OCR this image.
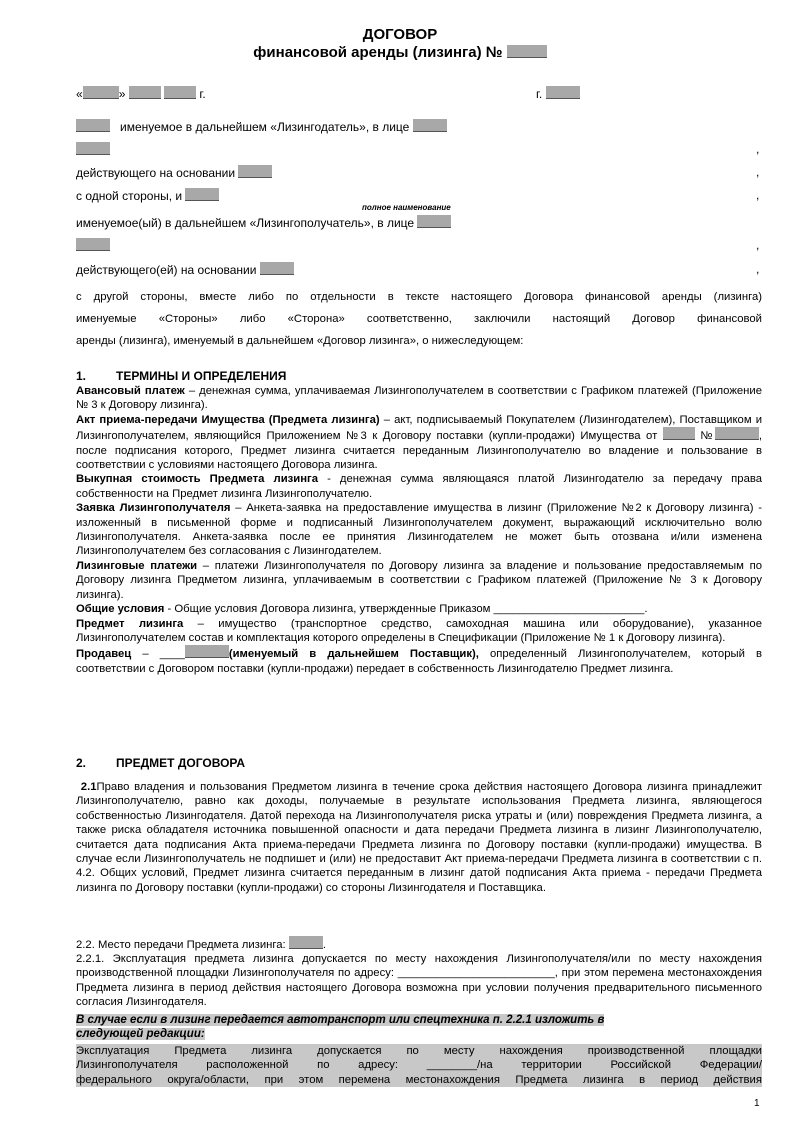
ДОГОВОР
финансовой аренды (лизинга) №
«	»	г.	г.
именуемое в дальнейшем «Лизингодатель», в лице
,
действующего на основании	,
с одной стороны, и	,
полное наименование
именуемое(ый) в дальнейшем «Лизингополучатель», в лице
,
действующего(ей) на основании	,
с другой стороны, вместе либо по отдельности в тексте настоящего Договора финансовой аренды (лизинга)
именуемые «Стороны» либо «Сторона» соответственно, заключили настоящий Договор финансовой
аренды (лизинга), именуемый в дальнейшем «Договор лизинга», о нижеследующем:
1. ТЕРМИНЫ И ОПРЕДЕЛЕНИЯ
Авансовый платеж – денежная сумма, уплачиваемая Лизингополучателем в соответствии с Графиком платежей (Приложение № 3 к Договору лизинга).
Акт приема-передачи Имущества (Предмета лизинга) – акт, подписываемый Покупателем (Лизингодателем), Поставщиком и Лизингополучателем, являющийся Приложением №3 к Договору поставки (купли-продажи) Имущества от	№	, после подписания которого, Предмет лизинга считается переданным Лизингополучателю во владение и пользование в соответствии с условиями настоящего Договора лизинга.
Выкупная стоимость Предмета лизинга - денежная сумма являющаяся платой Лизингодателю за передачу права собственности на Предмет лизинга Лизингополучателю.
Заявка Лизингополучателя – Анкета-заявка на предоставление имущества в лизинг (Приложение №2 к Договору лизинга) - изложенный в письменной форме и подписанный Лизингополучателем документ, выражающий исключительно волю Лизингополучателя. Анкета-заявка после ее принятия Лизингодателем не может быть отозвана и/или изменена Лизингополучателем без согласования с Лизингодателем.
Лизинговые платежи – платежи Лизингополучателя по Договору лизинга за владение и пользование предоставляемым по Договору лизинга Предметом лизинга, уплачиваемым в соответствии с Графиком платежей (Приложение № 3 к Договору лизинга).
Общие условия - Общие условия Договора лизинга, утвержденные Приказом ________________________.
Предмет лизинга – имущество (транспортное средство, самоходная машина или оборудование), указанное Лизингополучателем состав и комплектация которого определены в Спецификации (Приложение № 1 к Договору лизинга).
Продавец – ____	(именуемый в дальнейшем Поставщик), определенный Лизингополучателем, который в соответствии с Договором поставки (купли-продажи) передает в собственность Лизингодателю Предмет лизинга.
2. ПРЕДМЕТ ДОГОВОРА
2.1Право владения и пользования Предметом лизинга в течение срока действия настоящего Договора лизинга принадлежит Лизингополучателю, равно как доходы, получаемые в результате использования Предмета лизинга, являющегося собственностью Лизингодателя. Датой перехода на Лизингополучателя риска утраты и (или) повреждения Предмета лизинга, а также риска обладателя источника повышенной опасности и дата передачи Предмета лизинга в лизинг Лизингополучателю, считается дата подписания Акта приема-передачи Предмета лизинга по Договору поставки (купли-продажи) имущества. В случае если Лизингополучатель не подпишет и (или) не предоставит Акт приема-передачи Предмета лизинга в соответствии с п. 4.2. Общих условий, Предмет лизинга считается переданным в лизинг датой подписания Акта приема - передачи Предмета лизинга по Договору поставки (купли-продажи) со стороны Лизингодателя и Поставщика.
2.2. Место передачи Предмета лизинга:	.
2.2.1. Эксплуатация предмета лизинга допускается по месту нахождения Лизингополучателя/или по месту нахождения производственной площадки Лизингополучателя по адресу: _________________________, при этом перемена местонахождения Предмета лизинга в период действия настоящего Договора возможна при условии получения предварительного письменного согласия Лизингодателя.
В случае если в лизинг передается автотранспорт или спецтехника п. 2.2.1 изложить в
следующей редакции:
Эксплуатация Предмета лизинга допускается по месту нахождения производственной площадки
Лизингополучателя расположенной по адресу: ________/на территории Российской Федерации/
федерального округа/области, при этом перемена местонахождения Предмета лизинга в период действия
1
